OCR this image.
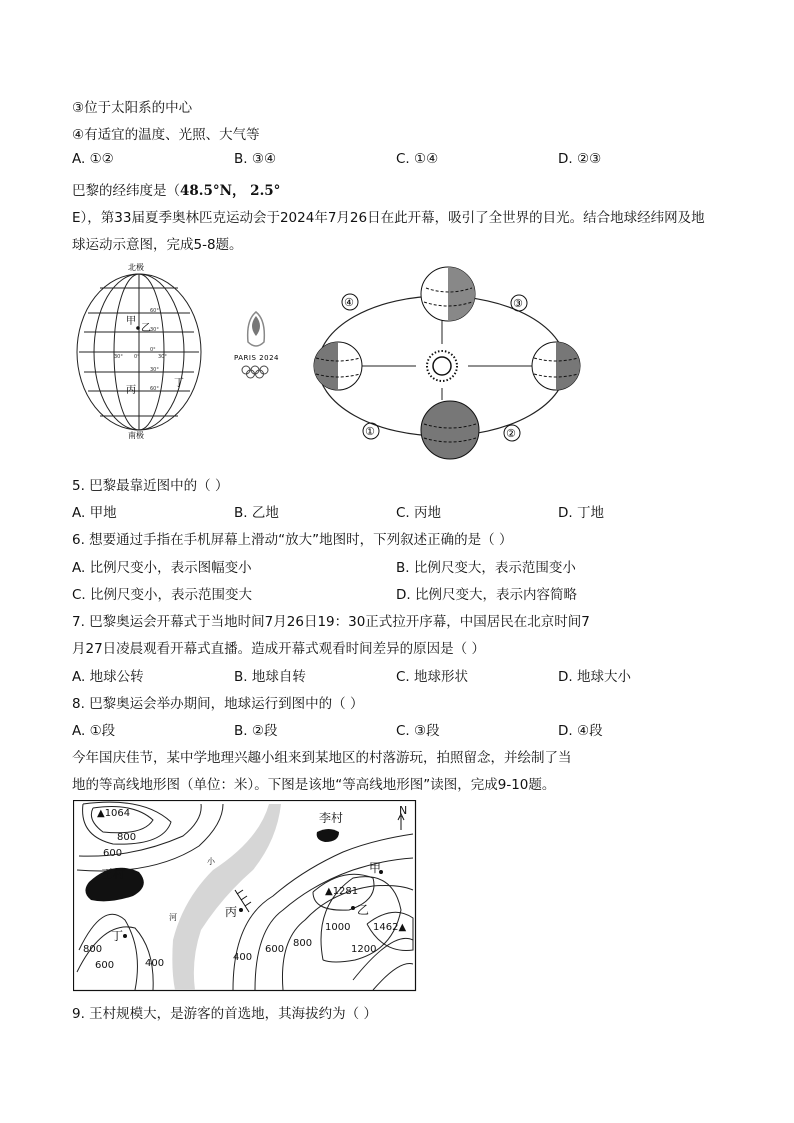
③位于太阳系的中心
④有适宜的温度、光照、大气等
A. ①②	B. ③④	C. ①④	D. ②③
巴黎的经纬度是（48.5°N， 2.5°
E），第33届夏季奥林匹克运动会于2024年7月26日在此开幕，吸引了全世界的目光。结合地球经纬网及地
球运动示意图，完成5-8题。
北极
南极
甲
乙
丙
丁
60°
30°
0°
30°
60°
30° 0°	30°	PARIS 2024
④	③
①	②
5. 巴黎最靠近图中的（ ）
A. 甲地	B. 乙地	C. 丙地	D. 丁地
6. 想要通过手指在手机屏幕上滑动“放大”地图时，下列叙述正确的是（ ）
A. 比例尺变小，表示图幅变小	B. 比例尺变大，表示范围变小
C. 比例尺变小，表示范围变大	D. 比例尺变大，表示内容简略
7. 巴黎奥运会开幕式于当地时间7月26日19：30正式拉开序幕，中国居民在北京时间7
月27日凌晨观看开幕式直播。造成开幕式观看时间差异的原因是（ ）
A. 地球公转	B. 地球自转	C. 地球形状	D. 地球大小
8. 巴黎奥运会举办期间，地球运行到图中的（ ）
A. ①段	B. ②段	C. ③段	D. ④段
今年国庆佳节，某中学地理兴趣小组来到某地区的村落游玩，拍照留念，并绘制了当
地的等高线地形图（单位：米）。下图是该地“等高线地形图”读图，完成9-10题。
▲1064
▲1281
1462▲
王村
李村
甲
乙
丙
丁
小
河
N
800
600
400
600
800
1000
1200
800
600
400
9. 王村规模大，是游客的首选地，其海拔约为（ ）
